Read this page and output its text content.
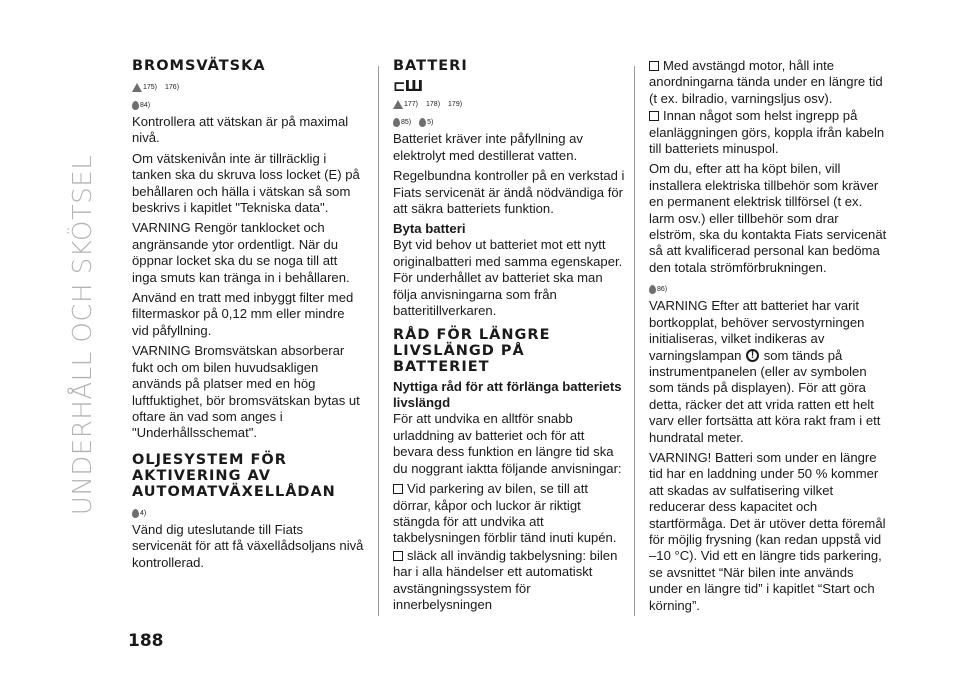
UNDERHÅLL OCH SKÖTSEL
BROMSVÄTSKA
175) 176)
84)

Kontrollera att vätskan är på maximal nivå.

Om vätskenivån inte är tillräcklig i tanken ska du skruva loss locket (E) på behållaren och hälla i vätskan så som beskrivs i kapitlet "Tekniska data".

VARNING Rengör tanklocket och angränsande ytor ordentligt. När du öppnar locket ska du se noga till att inga smuts kan tränga in i behållaren.

Använd en tratt med inbyggt filter med filtermaskor på 0,12 mm eller mindre vid påfyllning.

VARNING Bromsvätskan absorberar fukt och om bilen huvudsakligen används på platser med en hög luftfuktighet, bör bromsvätskan bytas ut oftare än vad som anges i "Underhållsschemat".

OLJESYSTEM FÖR AKTIVERING AV AUTOMATVÄXELLÅDAN
4)

Vänd dig uteslutande till Fiats servicenät för att få växellådsoljans nivå kontrollerad.

BATTERI
⊏Ш
177) 178) 179)
85) 5)

Batteriet kräver inte påfyllning av elektrolyt med destillerat vatten.

Regelbundna kontroller på en verkstad i Fiats servicenät är ändå nödvändiga för att säkra batteriets funktion.

Byta batteri

Byt vid behov ut batteriet mot ett nytt originalbatteri med samma egenskaper. För underhållet av batteriet ska man följa anvisningarna som från batteritillverkaren.

RÅD FÖR LÄNGRE LIVSLÄNGD PÅ BATTERIET
Nyttiga råd för att förlänga batteriets livslängd

För att undvika en alltför snabb urladdning av batteriet och för att bevara dess funktion en längre tid ska du noggrant iaktta följande anvisningar:

Vid parkering av bilen, se till att dörrar, kåpor och luckor är riktigt stängda för att undvika att takbelysningen förblir tänd inuti kupén.
släck all invändig takbelysning: bilen har i alla händelser ett automatiskt avstängningssystem för innerbelysningen
Med avstängd motor, håll inte anordningarna tända under en längre tid (t ex. bilradio, varningsljus osv).
Innan något som helst ingrepp på elanläggningen görs, koppla ifrån kabeln till batteriets minuspol.

Om du, efter att ha köpt bilen, vill installera elektriska tillbehör som kräver en permanent elektrisk tillförsel (t ex. larm osv.) eller tillbehör som drar elström, ska du kontakta Fiats servicenät så att kvalificerad personal kan bedöma den totala strömförbrukningen.

86)

VARNING Efter att batteriet har varit bortkopplat, behöver servostyrningen initialiseras, vilket indikeras av varningslampan ! som tänds på instrumentpanelen (eller av symbolen som tänds på displayen). För att göra detta, räcker det att vrida ratten ett helt varv eller fortsätta att köra rakt fram i ett hundratal meter.

VARNING! Batteri som under en längre tid har en laddning under 50 % kommer att skadas av sulfatisering vilket reducerar dess kapacitet och startförmåga. Det är utöver detta föremål för möjlig frysning (kan redan uppstå vid –10 °C). Vid ett en längre tids parkering, se avsnittet “När bilen inte används under en längre tid” i kapitlet “Start och körning”.

188
